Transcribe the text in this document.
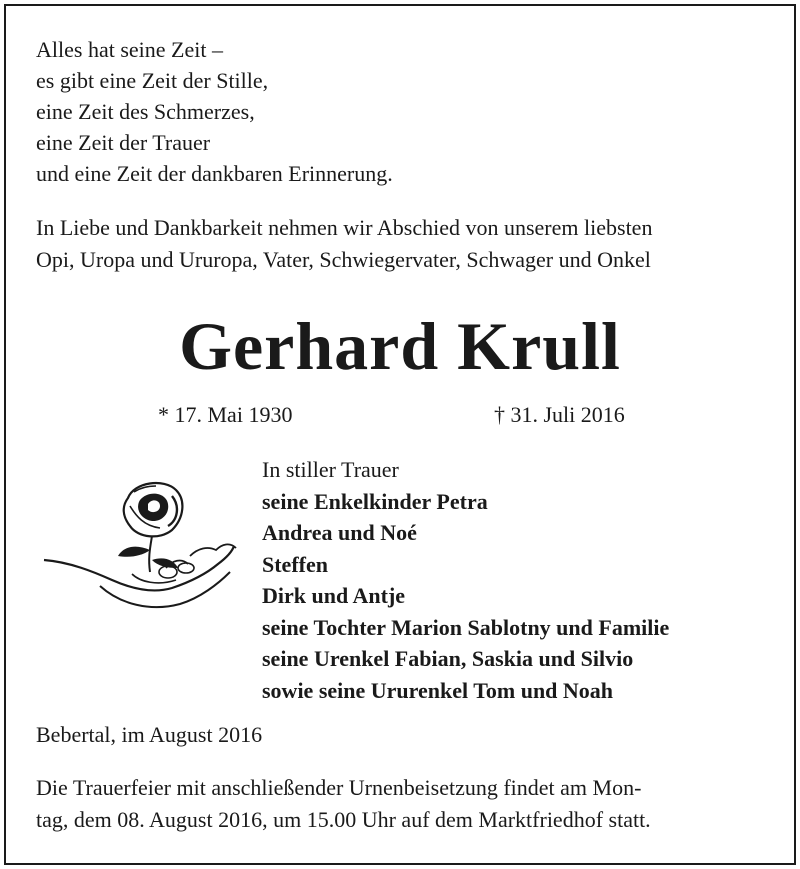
Alles hat seine Zeit –
es gibt eine Zeit der Stille,
eine Zeit des Schmerzes,
eine Zeit der Trauer
und eine Zeit der dankbaren Erinnerung.
In Liebe und Dankbarkeit nehmen wir Abschied von unserem liebsten
Opi, Uropa und Ururopa, Vater, Schwiegervater, Schwager und Onkel
Gerhard Krull
* 17. Mai 1930	† 31. Juli 2016
In stiller Trauer
seine Enkelkinder Petra
Andrea und Noé
Steffen
Dirk und Antje
seine Tochter Marion Sablotny und Familie
seine Urenkel Fabian, Saskia und Silvio
sowie seine Ururenkel Tom und Noah
Bebertal, im August 2016
Die Trauerfeier mit anschließender Urnenbeisetzung findet am Mon-
tag, dem 08. August 2016, um 15.00 Uhr auf dem Marktfriedhof statt.
